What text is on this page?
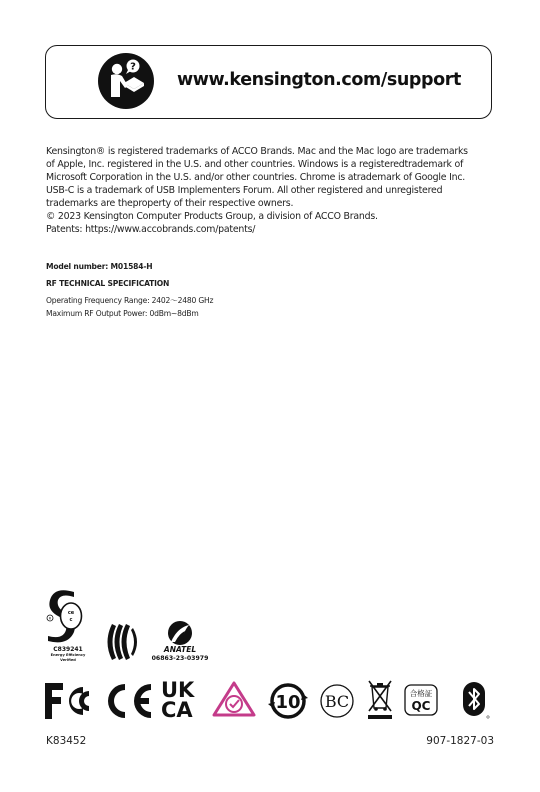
?
www.kensington.com/support
Kensington® is registered trademarks of ACCO Brands. Mac and the Mac logo are trademarks
of Apple, Inc. registered in the U.S. and other countries. Windows is a registeredtrademark of
Microsoft Corporation in the U.S. and/or other countries. Chrome is atrademark of Google Inc.
USB-C is a trademark of USB Implementers Forum. All other registered and unregistered
trademarks are theproperty of their respective owners.
© 2023 Kensington Computer Products Group, a division of ACCO Brands.
Patents: https://www.accobrands.com/patents/
Model number: M01584-H
RF TECHNICAL SPECIFICATION
Operating Frequency Range: 2402～2480 GHz
Maximum RF Output Power: 0dBm~8dBm
ce
c
R
C839241
Energy Efficiency
Verified
ANATEL
06863-23-03979
UK
CA	10 BC	合格証
QC
K83452	907-1827-03
